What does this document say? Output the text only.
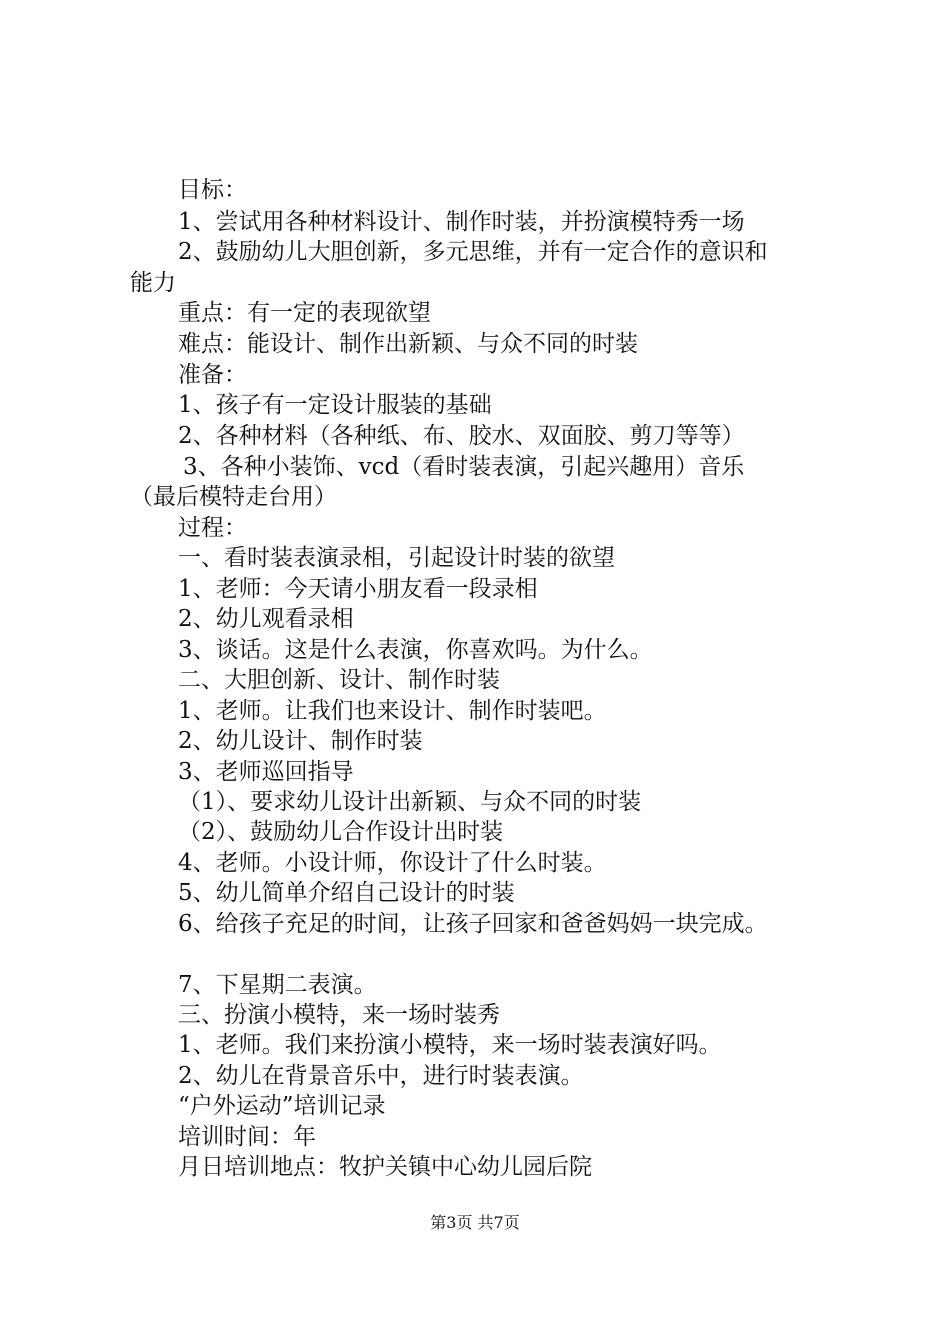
目标：
1、尝试用各种材料设计、制作时装，并扮演模特秀一场
2、鼓励幼儿大胆创新，多元思维，并有一定合作的意识和
能力
重点：有一定的表现欲望
难点：能设计、制作出新颖、与众不同的时装
准备：
1、孩子有一定设计服装的基础
2、各种材料（各种纸、布、胶水、双面胶、剪刀等等）
3、各种小装饰、vcd（看时装表演，引起兴趣用）音乐
（最后模特走台用）
过程：
一、看时装表演录相，引起设计时装的欲望
1、老师：今天请小朋友看一段录相
2、幼儿观看录相
3、谈话。这是什么表演，你喜欢吗。为什么。
二、大胆创新、设计、制作时装
1、老师。让我们也来设计、制作时装吧。
2、幼儿设计、制作时装
3、老师巡回指导
（1）、要求幼儿设计出新颖、与众不同的时装
（2）、鼓励幼儿合作设计出时装
4、老师。小设计师，你设计了什么时装。
5、幼儿简单介绍自己设计的时装
6、给孩子充足的时间，让孩子回家和爸爸妈妈一块完成。
7、下星期二表演。
三、扮演小模特，来一场时装秀
1、老师。我们来扮演小模特，来一场时装表演好吗。
2、幼儿在背景音乐中，进行时装表演。
“户外运动”培训记录
培训时间：年
月日培训地点：牧护关镇中心幼儿园后院
第3页 共7页
